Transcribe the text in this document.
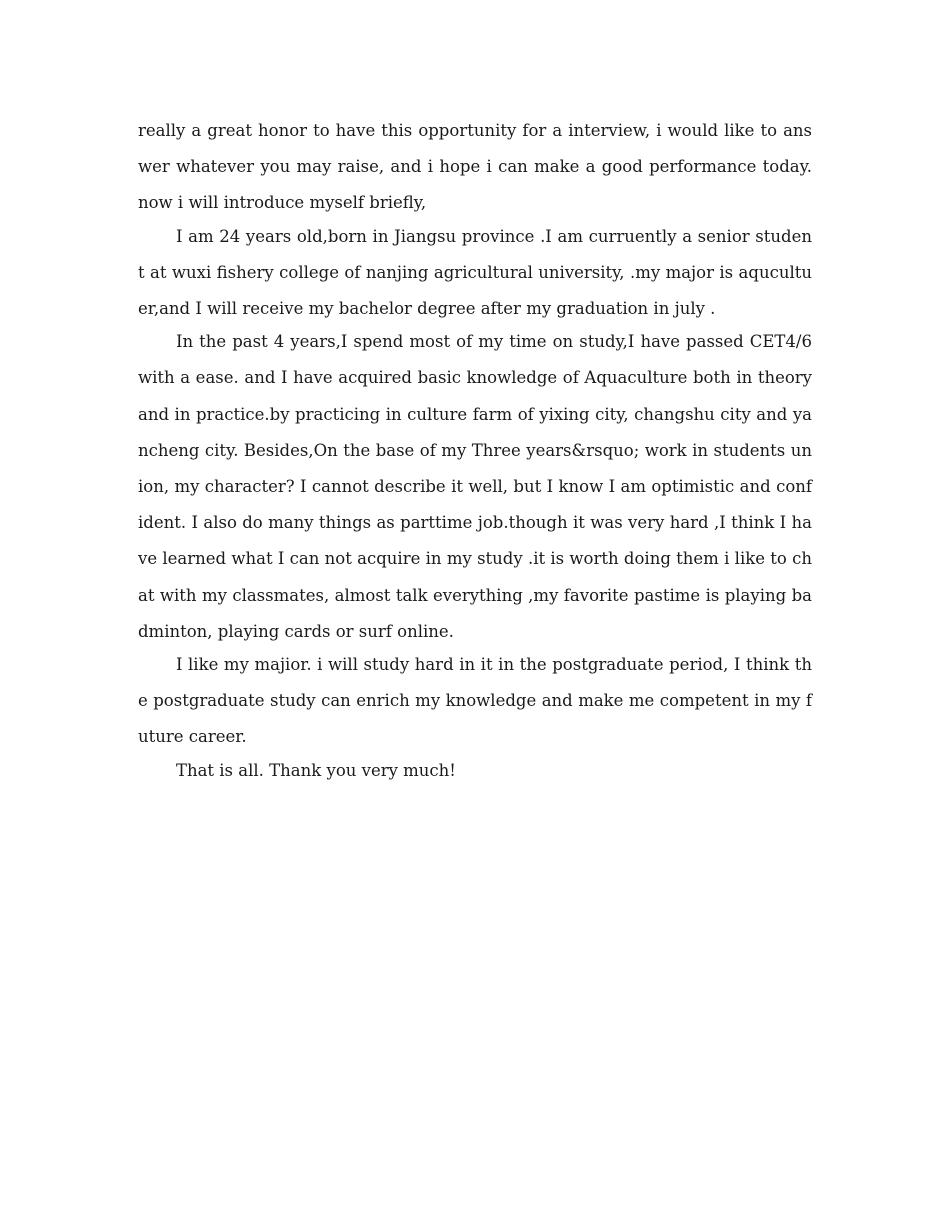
really a great honor to have this opportunity for a interview, i would like to answer whatever you may raise, and i hope i can make a good performance today. now i will introduce myself briefly,

I am 24 years old,born in Jiangsu province .I am curruently a senior student at wuxi fishery college of nanjing agricultural university, .my major is aqucultuer,and I will receive my bachelor degree after my graduation in july .

In the past 4 years,I spend most of my time on study,I have passed CET4/6 with a ease. and I have acquired basic knowledge of Aquaculture both in theory and in practice.by practicing in culture farm of yixing city, changshu city and yancheng city. Besides,On the base of my Three years&rsquo; work in students union, my character? I cannot describe it well, but I know I am optimistic and confident. I also do many things as parttime job.though it was very hard ,I think I have learned what I can not acquire in my study .it is worth doing them i like to chat with my classmates, almost talk everything ,my favorite pastime is playing badminton, playing cards or surf online.

I like my majior. i will study hard in it in the postgraduate period, I think the postgraduate study can enrich my knowledge and make me competent in my future career.

That is all. Thank you very much!
